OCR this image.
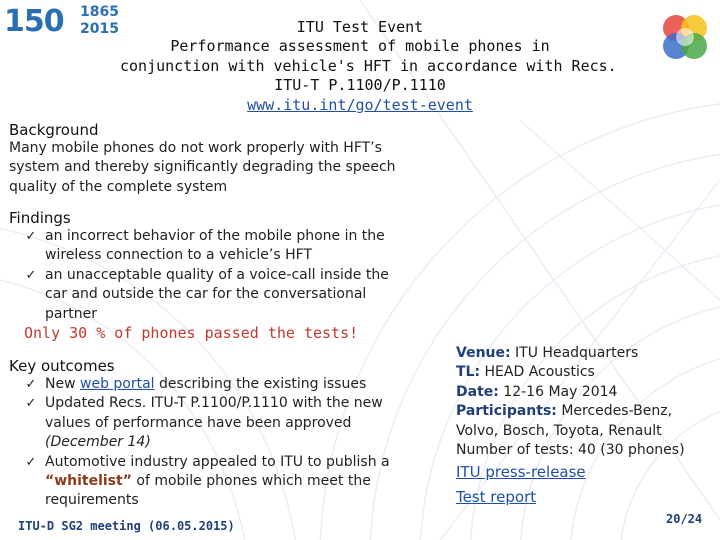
150 1865
2015	ITU Test Event
Performance assessment of mobile phones in
conjunction with vehicle's HFT in accordance with Recs.
ITU-T P.1100/P.1110
www.itu.int/go/test-event
Background
Many mobile phones do not work properly with HFT’s
system and thereby significantly degrading the speech
quality of the complete system
Findings
✓ an incorrect behavior of the mobile phone in the
wireless connection to a vehicle’s HFT
✓ an unacceptable quality of a voice-call inside the
car and outside the car for the conversational
partner
Only 30 % of phones passed the tests!
Key outcomes
✓ New web portal describing the existing issues
✓ Updated Recs. ITU-T P.1100/P.1110 with the new
values of performance have been approved
(December 14)
✓ Automotive industry appealed to ITU to publish a
“whitelist” of mobile phones which meet the
requirements
Venue: ITU Headquarters
TL: HEAD Acoustics
Date: 12-16 May 2014
Participants: Mercedes-Benz,
Volvo, Bosch, Toyota, Renault
Number of tests: 40 (30 phones)
ITU press-release
Test report
ITU-D SG2 meeting (06.05.2015)	20/24
